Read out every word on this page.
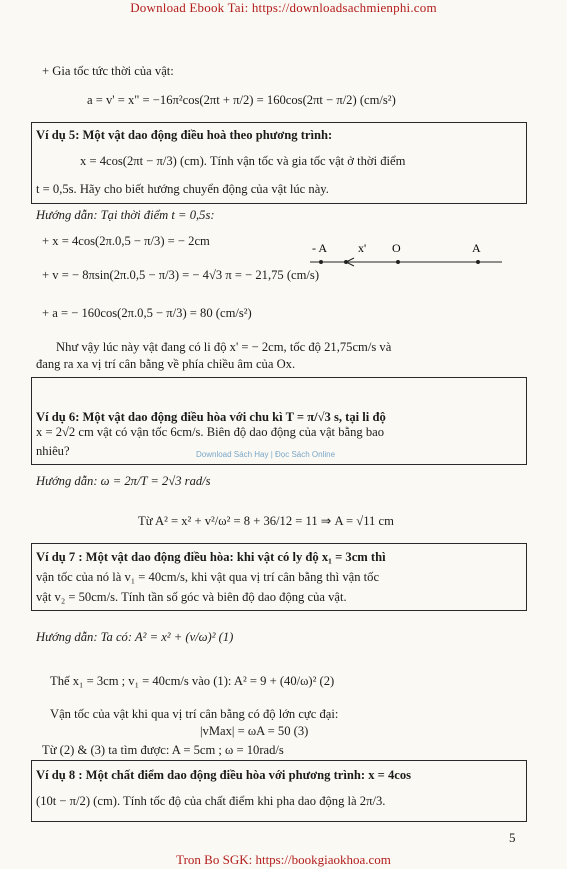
Download Ebook Tai: https://downloadsachmienphi.com
+ Gia tốc tức thời của vật:
a = v' = x" = −16π²cos(2πt + π/2) = 160cos(2πt − π/2) (cm/s²)
Ví dụ 5: Một vật dao động điều hoà theo phương trình:
x = 4cos(2πt − π/3) (cm). Tính vận tốc và gia tốc vật ở thời điểm
t = 0,5s. Hãy cho biết hướng chuyển động của vật lúc này.
Hướng dẫn: Tại thời điểm t = 0,5s:
+ x = 4cos(2π.0,5 − π/3) = − 2cm	- A	x' O	A
+ v = − 8πsin(2π.0,5 − π/3) = − 4√3 π = − 21,75 (cm/s)
+ a = − 160cos(2π.0,5 − π/3) = 80 (cm/s²)
Như vậy lúc này vật đang có li độ x' = − 2cm, tốc độ 21,75cm/s và
đang ra xa vị trí cân bằng về phía chiều âm của Ox.
Ví dụ 6: Một vật dao động điều hòa với chu kì T = π/√3 s, tại li độ
x = 2√2 cm vật có vận tốc 6cm/s. Biên độ dao động của vật bằng bao
nhiêu?	Download Sách Hay | Đọc Sách Online
Hướng dẫn: ω = 2π/T = 2√3 rad/s
Từ A² = x² + v²/ω² = 8 + 36/12 = 11 ⇒ A = √11 cm
Ví dụ 7 : Một vật dao động điều hòa: khi vật có ly độ x₁ = 3cm thì
vận tốc của nó là v₁ = 40cm/s, khi vật qua vị trí cân bằng thì vận tốc
vật v₂ = 50cm/s. Tính tần số góc và biên độ dao động của vật.
Hướng dẫn: Ta có: A² = x² + (v/ω)² (1)
Thế x₁ = 3cm ; v₁ = 40cm/s vào (1): A² = 9 + (40/ω)² (2)
Vận tốc của vật khi qua vị trí cân bằng có độ lớn cực đại:
|vMax| = ωA = 50 (3)
Từ (2) & (3) ta tìm được: A = 5cm ; ω = 10rad/s
Ví dụ 8 : Một chất điểm dao động điều hòa với phương trình: x = 4cos
(10t − π/2) (cm). Tính tốc độ của chất điểm khi pha dao động là 2π/3.
5
Tron Bo SGK: https://bookgiaokhoa.com
